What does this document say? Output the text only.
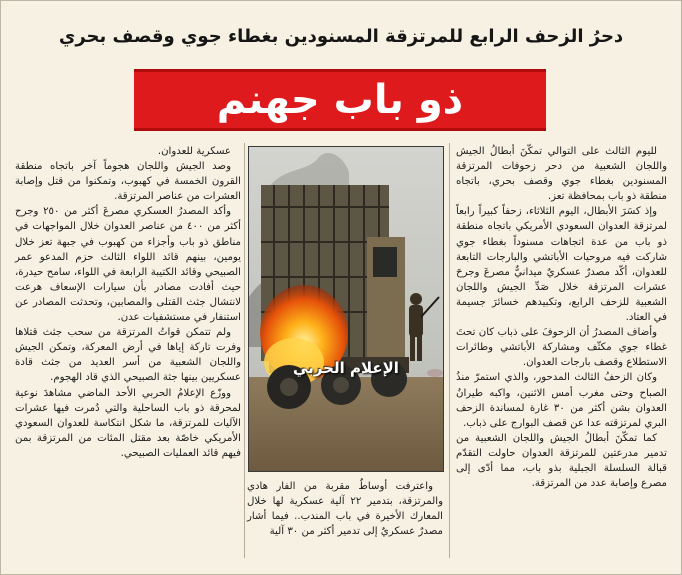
دحرُ الزحف الرابع للمرتزقة المسنودين بغطاء جوي وقصف بحري
ذو باب جهنم

لليوم الثالث على التوالي تمكّنَ أبطالُ الجيش واللجان الشعبية من دحر زحوفات المرتزقة المسنودين بغطاء جوي وقصف بحري، باتجاه منطقة ذو باب بمحافظة تعز.

وإذ كسَرَ الأبطال، اليوم الثلاثاء، زحفاً كبيراً رابعاً لمرتزقة العدوان السعودي الأمريكي باتجاه منطقة ذو باب من عدة اتجاهات مسنوداً بغطاء جوي شاركت فيه مروحيات الأباتشي والبارجات التابعة للعدوان، أكّد مصدرٌ عسكريٌ ميدانيٌّ مصرعَ وجرحَ عشرات المرتزقة خلال صَدِّ الجيش واللجان الشعبية للزحف الرابع، وتكبيدهم خسائرَ جسيمة في العتاد.

وأضاف المصدرُ أن الزحوفَ على ذباب كان تحتَ غطاء جوي مكثّف ومشاركة الأباتشي وطائرات الاستطلاع وقصف بارجات العدوان.

وكان الزحفُ الثالث المدحور، والذي استمرّ منذُ الصباح وحتى مغرب أمس الاثنين، واكبه طيرانُ العدوان بشن أكثر من ٣٠ غارة لمساندة الزحف البري لمرتزقته عدا عن قصف البوارج على ذباب.

كما تمكّنَ أبطالُ الجيش واللجان الشعبية من تدمير مدرعتين للمرتزقة العدوان حاولت التقدّم قبالة السلسلة الجبلية بذو باب، مما أدّى إلى مصرع وإصابة عدد من المرتزقة.

الإعلام الحربي

واعترفت أوساطٌ مقربة من الفار هادي والمرتزقة، بتدمير ٢٢ آلية عسكرية لها خلال المعارك الأخيرة في باب المندب.. فيما أشار مصدرٌ عسكريٌ إلى تدمير أكثر من ٣٠ آلية

عسكرية للعدوان.

وصد الجيش واللجان هجوماً آخر باتجاه منطقة القرون الخمسة في كهبوب، وتمكنوا من قتل وإصابة العشرات من عناصر المرتزقة.

وأكد المصدرُ العسكري مصرعَ أكثر من ٢٥٠ وجرح أكثر من ٤٠٠ من عناصر العدوان خلال المواجهات في مناطق ذو باب وأجزاء من كهبوب في جبهة تعز خلال يومين، بينهم قائد اللواء الثالث حزم المدعو عمر الصبيحي وقائد الكتيبة الرابعة في اللواء، سامح حيدرة، حيث أفادت مصادر بأن سيارات الإسعاف هرعت لانتشال جثث القتلى والمصابين، وتحدثت المصادر عن استنفار في مستشفيات عدن.

ولم تتمكن قواتُ المرتزقة من سحب جثث قتلاها وفرت تاركة إياها في أرض المعركة، وتمكن الجيش واللجان الشعبية من أسر العديد من جثث قادة عسكريين بينها جثة الصبيحي الذي قاد الهجوم.

ووزّع الإعلامُ الحربي الأحد الماضي مشاهدَ نوعية لمحرقة ذو باب الساحلية والتي دُمرت فيها عشرات الآليات للمرتزقة، ما شكل انتكاسة للعدوان السعودي الأمريكي خاصّة بعد مقتل المئات من المرتزقة بمن فيهم قائد العمليات الصبيحي.
